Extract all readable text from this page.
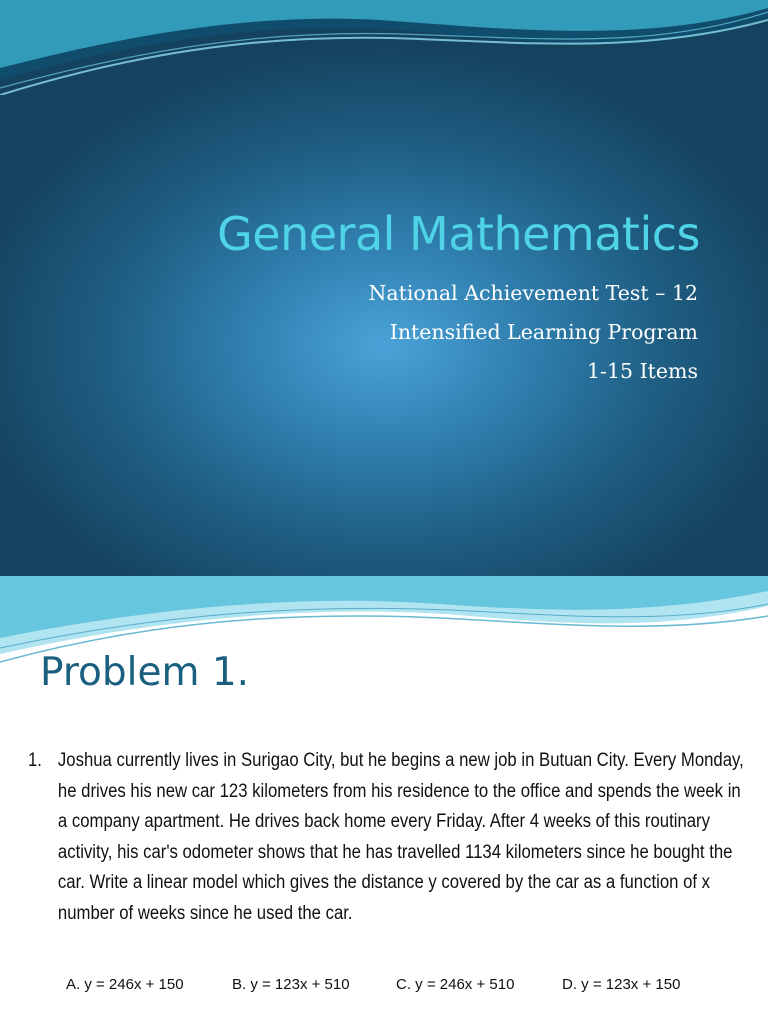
General Mathematics

National Achievement Test – 12

Intensified Learning Program

1-15 Items

Problem 1.
1. Joshua currently lives in Surigao City, but he begins a new job in Butuan City. Every Monday,
he drives his new car 123 kilometers from his residence to the office and spends the week in
a company apartment. He drives back home every Friday. After 4 weeks of this routinary
activity, his car's odometer shows that he has travelled 1134 kilometers since he bought the
car. Write a linear model which gives the distance y covered by the car as a function of x
number of weeks since he used the car.
A. y = 246x + 150	B. y = 123x + 510	C. y = 246x + 510	D. y = 123x + 150
